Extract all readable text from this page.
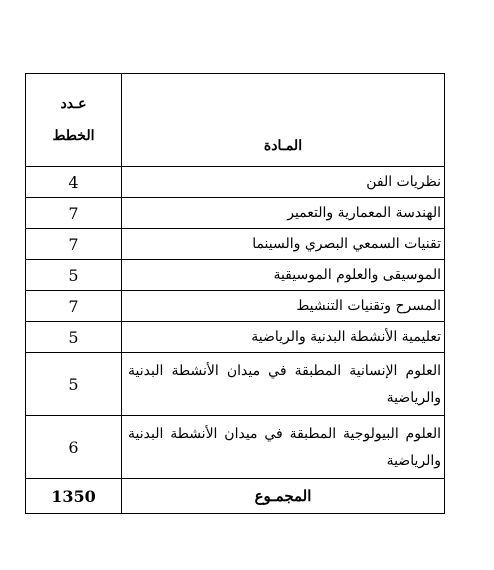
المـادة	عـدد
الخطط

نظريات الفن	4
الهندسة المعمارية والتعمير	7
تقنيات السمعي البصري والسينما	7
الموسيقى والعلوم الموسيقية	5
المسرح وتقنيات التنشيط	7
تعليمية الأنشطة البدنية والرياضية	5
العلوم الإنسانية المطبقة في ميدان الأنشطة البدنية والرياضية	5
العلوم البيولوجية المطبقة في ميدان الأنشطة البدنية والرياضية	6
المجمـوع	1350
